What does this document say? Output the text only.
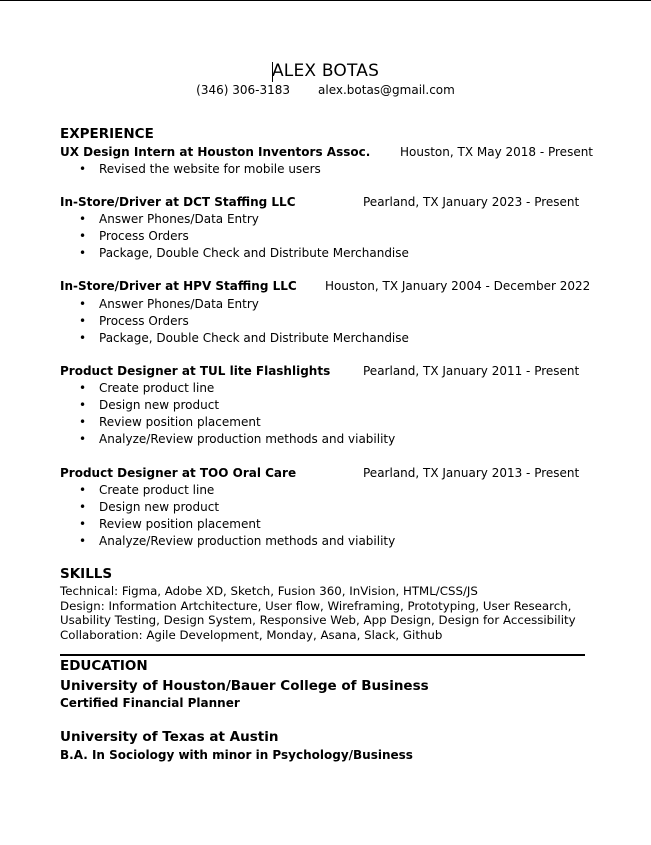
ALEX BOTAS
(346) 306-3183 alex.botas@gmail.com
EXPERIENCE
UX Design Intern at Houston Inventors Assoc. Houston, TX May 2018 - Present
• Revised the website for mobile users
In-Store/Driver at DCT Staffing LLC	Pearland, TX January 2023 - Present
• Answer Phones/Data Entry
• Process Orders
• Package, Double Check and Distribute Merchandise
In-Store/Driver at HPV Staffing LLC Houston, TX January 2004 - December 2022
• Answer Phones/Data Entry
• Process Orders
• Package, Double Check and Distribute Merchandise
Product Designer at TUL lite Flashlights	Pearland, TX January 2011 - Present
• Create product line
• Design new product
• Review position placement
• Analyze/Review production methods and viability
Product Designer at TOO Oral Care	Pearland, TX January 2013 - Present
• Create product line
• Design new product
• Review position placement
• Analyze/Review production methods and viability
SKILLS
Technical: Figma, Adobe XD, Sketch, Fusion 360, InVision, HTML/CSS/JS
Design: Information Artchitecture, User flow, Wireframing, Prototyping, User Research,
Usability Testing, Design System, Responsive Web, App Design, Design for Accessibility
Collaboration: Agile Development, Monday, Asana, Slack, Github
EDUCATION
University of Houston/Bauer College of Business
Certified Financial Planner
University of Texas at Austin
B.A. In Sociology with minor in Psychology/Business
